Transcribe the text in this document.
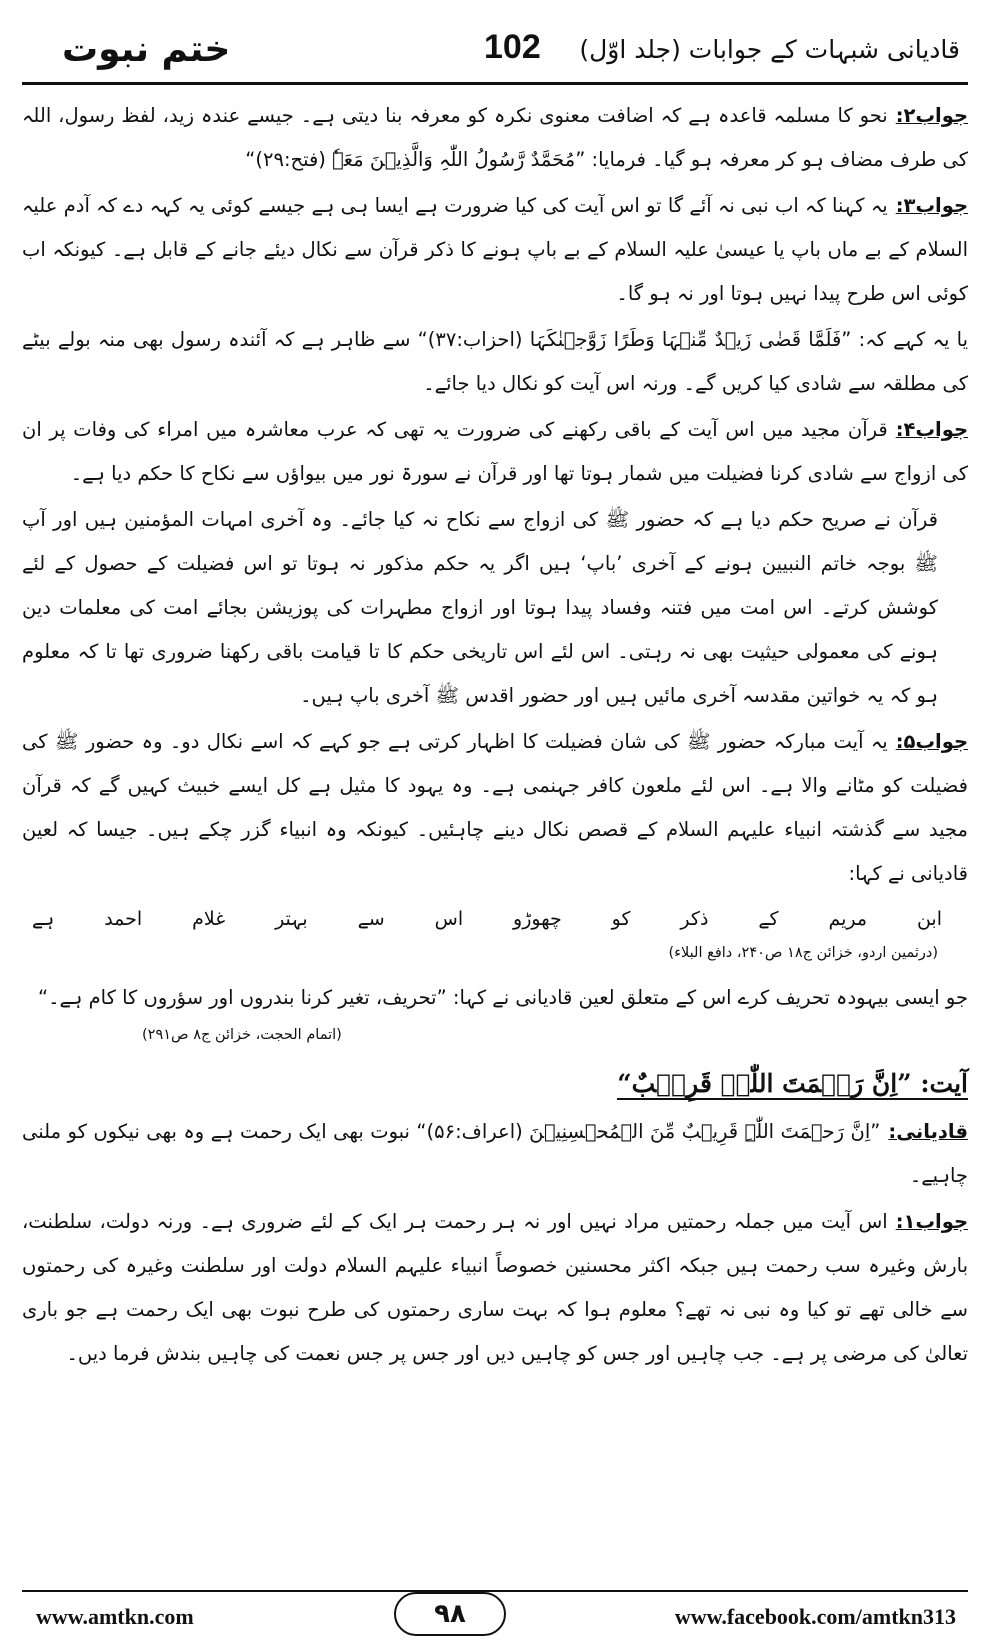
ختم نبوت	102 قادیانی شبہات کے جوابات (جلد اوّل)

جواب۲:نحو کا مسلمہ قاعدہ ہے کہ اضافت معنوی نکرہ کو معرفہ بنا دیتی ہے۔ جیسے عندہ زید، لفظ رسول، اللہ کی طرف مضاف ہو کر معرفہ ہو گیا۔ فرمایا: ”مُحَمَّدٌ رَّسُولُ اللّٰہِ وَالَّذِیۡنَ مَعَہٗ (فتح:۲۹)“

جواب۳:یہ کہنا کہ اب نبی نہ آئے گا تو اس آیت کی کیا ضرورت ہے ایسا ہی ہے جیسے کوئی یہ کہہ دے کہ آدم علیہ السلام کے بے ماں باپ یا عیسیٰ علیہ السلام کے بے باپ ہونے کا ذکر قرآن سے نکال دیئے جانے کے قابل ہے۔ کیونکہ اب کوئی اس طرح پیدا نہیں ہوتا اور نہ ہو گا۔

یا یہ کہے کہ: ”فَلَمَّا قَضٰی زَیۡدٌ مِّنۡہَا وَطَرًا زَوَّجۡنٰکَہَا (احزاب:۳۷)“ سے ظاہر ہے کہ آئندہ رسول بھی منہ بولے بیٹے کی مطلقہ سے شادی کیا کریں گے۔ ورنہ اس آیت کو نکال دیا جائے۔

جواب۴:قرآن مجید میں اس آیت کے باقی رکھنے کی ضرورت یہ تھی کہ عرب معاشرہ میں امراء کی وفات پر ان کی ازواج سے شادی کرنا فضیلت میں شمار ہوتا تھا اور قرآن نے سورۃ نور میں بیواؤں سے نکاح کا حکم دیا ہے۔

قرآن نے صریح حکم دیا ہے کہ حضور ﷺ کی ازواج سے نکاح نہ کیا جائے۔ وہ آخری امہات المؤمنین ہیں اور آپ ﷺ بوجہ خاتم النبیین ہونے کے آخری ’باپ‘ ہیں اگر یہ حکم مذکور نہ ہوتا تو اس فضیلت کے حصول کے لئے کوشش کرتے۔ اس امت میں فتنہ وفساد پیدا ہوتا اور ازواج مطہرات کی پوزیشن بجائے امت کی معلمات دین ہونے کی معمولی حیثیت بھی نہ رہتی۔ اس لئے اس تاریخی حکم کا تا قیامت باقی رکھنا ضروری تھا تا کہ معلوم ہو کہ یہ خواتین مقدسہ آخری مائیں ہیں اور حضور اقدس ﷺ آخری باپ ہیں۔

جواب۵:یہ آیت مبارکہ حضور ﷺ کی شان فضیلت کا اظہار کرتی ہے جو کہے کہ اسے نکال دو۔ وہ حضور ﷺ کی فضیلت کو مٹانے والا ہے۔ اس لئے ملعون کافر جہنمی ہے۔ وہ یہود کا مثیل ہے کل ایسے خبیث کہیں گے کہ قرآن مجید سے گذشتہ انبیاء علیہم السلام کے قصص نکال دینے چاہئیں۔ کیونکہ وہ انبیاء گزر چکے ہیں۔ جیسا کہ لعین قادیانی نے کہا:

ابن
مریم
کے
ذکر
کو
چھوڑو
اس
سے
بہتر
غلام
احمد
ہے
(درثمین اردو، خزائن ج۱۸ ص۲۴۰، دافع البلاء)

جو ایسی بیہودہ تحریف کرے اس کے متعلق لعین قادیانی نے کہا: ”تحریف، تغیر کرنا بندروں اور سؤروں کا کام ہے۔“

(اتمام الحجت، خزائن ج۸ ص۲۹۱)
آیت: ”اِنَّ رَحۡمَتَ اللّٰہِ قَرِیۡبٌ“

قادیانی:”اِنَّ رَحۡمَتَ اللّٰہِ قَرِیۡبٌ مِّنَ الۡمُحۡسِنِیۡنَ (اعراف:۵۶)“ نبوت بھی ایک رحمت ہے وہ بھی نیکوں کو ملنی چاہیے۔

جواب۱:اس آیت میں جملہ رحمتیں مراد نہیں اور نہ ہر رحمت ہر ایک کے لئے ضروری ہے۔ ورنہ دولت، سلطنت، بارش وغیرہ سب رحمت ہیں جبکہ اکثر محسنین خصوصاً انبیاء علیہم السلام دولت اور سلطنت وغیرہ کی رحمتوں سے خالی تھے تو کیا وہ نبی نہ تھے؟ معلوم ہوا کہ بہت ساری رحمتوں کی طرح نبوت بھی ایک رحمت ہے جو باری تعالیٰ کی مرضی پر ہے۔ جب چاہیں اور جس کو چاہیں دیں اور جس پر جس نعمت کی چاہیں بندش فرما دیں۔

www.amtkn.com	۹۸	www.facebook.com/amtkn313
